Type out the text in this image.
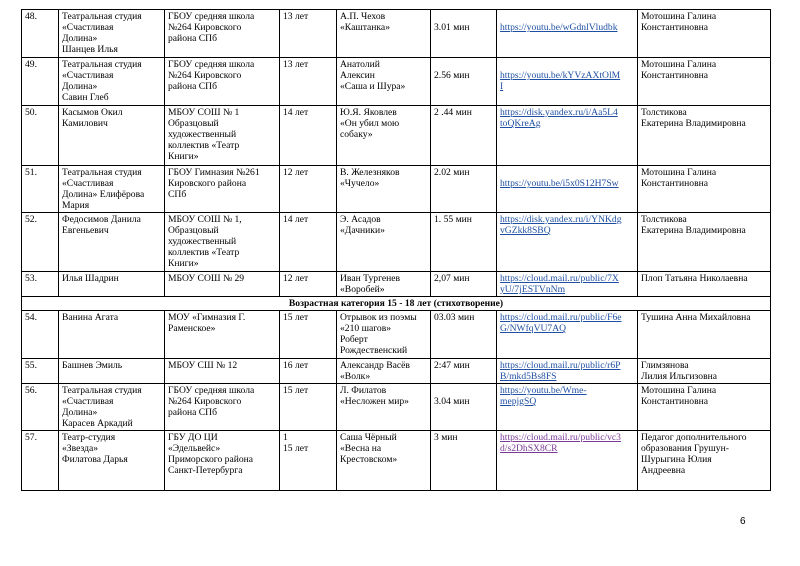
48.	Театральная студия
«Счастливая
Долина»
Шанцев Илья	ГБОУ средняя школа
№264 Кировского
района СПб	13 лет	А.П. Чехов
«Каштанка»	3.01 мин	https://youtu.be/wGdnlVludbk	Мотошина Галина
Константиновна
49.	Театральная студия
«Счастливая
Долина»
Савин Глеб	ГБОУ средняя школа
№264 Кировского
района СПб	13 лет	Анатолий
Алексин
«Саша и Шура»	2.56 мин	https://youtu.be/kYVzAXtOlM
I	Мотошина Галина
Константиновна
50.	Касымов Окил
Камилович	МБОУ СОШ № 1
Образцовый
художественный
коллектив «Театр
Книги»	14 лет	Ю.Я. Яковлев
«Он убил мою
собаку»	2 .44 мин	https://disk.yandex.ru/i/Aa5L4
toQKreAg	Толстикова
Екатерина Владимировна
51.	Театральная студия
«Счастливая
Долина» Елифёрова
Мария	ГБОУ Гимназия №261
Кировского района
СПб	12 лет	В. Железняков
«Чучело»	2.02 мин	https://youtu.be/i5x0S12H7Sw	Мотошина Галина
Константиновна
52.	Федосимов Данила
Евгеньевич	МБОУ СОШ № 1,
Образцовый
художественный
коллектив «Театр
Книги»	14 лет	Э. Асадов
«Дачники»	1. 55 мин	https://disk.yandex.ru/i/YNKdg
vGZkk8SBQ	Толстикова
Екатерина Владимировна
53.	Илья Шадрин	МБОУ СОШ № 29	12 лет	Иван Тургенев
«Воробей»	2,07 мин	https://cloud.mail.ru/public/7X
yU/7jESTVnNm	Плоп Татьяна Николаевна
Возрастная категория 15 - 18 лет (стихотворение)							
54.	Ванина Агата	МОУ «Гимназия Г.
Раменское»	15 лет	Отрывок из поэмы
«210 шагов»
Роберт
Рождественский	03.03 мин	https://cloud.mail.ru/public/F6e
G/NWfqVU7AQ	Тушина Анна Михайловна
55.	Башнев Эмиль	МБОУ СШ № 12	16 лет	Александр Васёв
«Волк»	2:47 мин	https://cloud.mail.ru/public/r6P
B/mkd5Bs8FS	Глимзянова
Лилия Ильгизовна
56.	Театральная студия
«Счастливая
Долина»
Карасев Аркадий	ГБОУ средняя школа
№264 Кировского
района СПб	15 лет	Л. Филатов
«Несложен мир»	
3.04 мин	https://youtu.be/Wme-
mepjgSQ	Мотошина Галина
Константиновна
57.	Театр-студия
«Звезда»
Филатова Дарья	ГБУ ДО ЦИ
«Эдельвейс»
Приморского района
Санкт-Петербурга	1
15 лет	Саша Чёрный
«Весна на
Крестовском»	3 мин	https://cloud.mail.ru/public/vc3
d/s2DhSX8CR	Педагог дополнительного
образования Грушун-
Шурыгина Юлия
Андреевна
6
